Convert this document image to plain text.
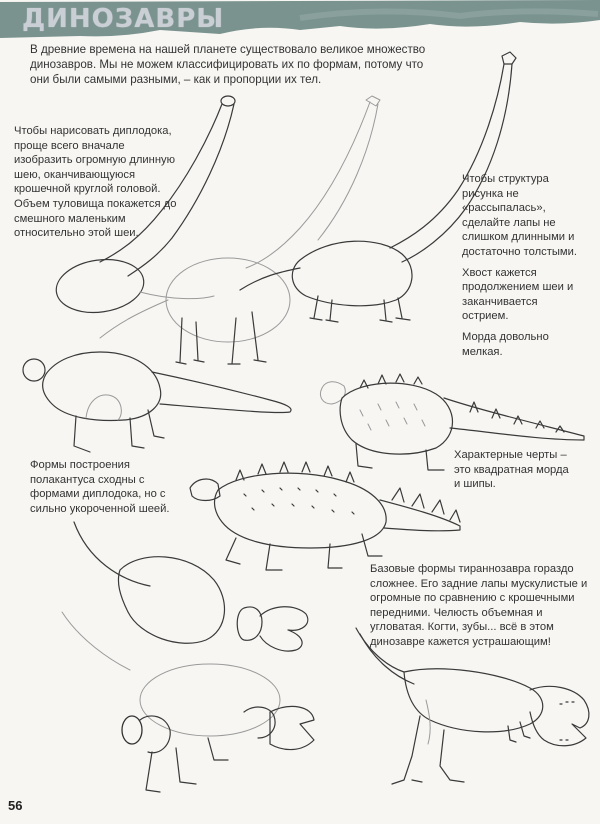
ДИНОЗАВРЫ
В древние времена на нашей планете существовало великое множество динозавров. Мы не можем классифицировать их по формам, потому что они были самыми разными, – как и пропорции их тел.
Чтобы нарисовать диплодока, проще всего вначале изобразить огромную длинную шею, оканчивающуюся крошечной круглой головой. Объем туловища покажется до смешного маленьким относительно этой шеи.

Чтобы структура рисунка не «рассыпалась», сделайте лапы не слишком длинными и достаточно толстыми.

Хвост кажется продолжением шеи и заканчивается острием.

Морда довольно мелкая.

Формы построения полакантуса сходны с формами диплодока, но с сильно укороченной шеей.
Характерные черты – это квадратная морда и шипы.
Базовые формы тираннозавра гораздо сложнее. Его задние лапы мускулистые и огромные по сравнению с крошечными передними. Челюсть объемная и угловатая. Когти, зубы... всё в этом динозавре кажется устрашающим!
56
